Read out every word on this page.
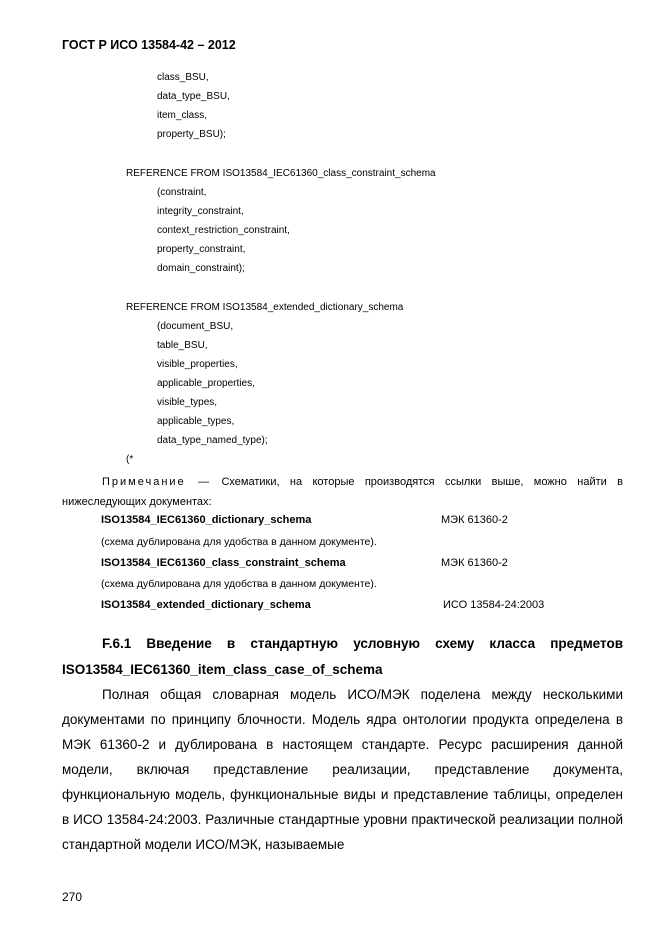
ГОСТ Р ИСО 13584-42 – 2012
class_BSU,
data_type_BSU,
item_class,
property_BSU);
REFERENCE FROM ISO13584_IEC61360_class_constraint_schema
(constraint,
integrity_constraint,
context_restriction_constraint,
property_constraint,
domain_constraint);
REFERENCE FROM ISO13584_extended_dictionary_schema
(document_BSU,
table_BSU,
visible_properties,
applicable_properties,
visible_types,
applicable_types,
data_type_named_type);
(*
Примечание — Схематики, на которые производятся ссылки выше, можно найти в нижеследующих документах:
ISO13584_IEC61360_dictionary_schema	МЭК 61360-2
(схема дублирована для удобства в данном документе).
ISO13584_IEC61360_class_constraint_schema	МЭК 61360-2
(схема дублирована для удобства в данном документе).
ISO13584_extended_dictionary_schema	ИСО 13584-24:2003
F.6.1 Введение в стандартную условную схему класса предметов ISO13584_IEC61360_item_class_case_of_schema
Полная общая словарная модель ИСО/МЭК поделена между несколькими документами по принципу блочности. Модель ядра онтологии продукта определена в МЭК 61360-2 и дублирована в настоящем стандарте. Ресурс расширения данной модели, включая представление реализации, представление документа, функциональную модель, функциональные виды и представление таблицы, определен в ИСО 13584-24:2003. Различные стандартные уровни практической реализации полной стандартной модели ИСО/МЭК, называемые
270
